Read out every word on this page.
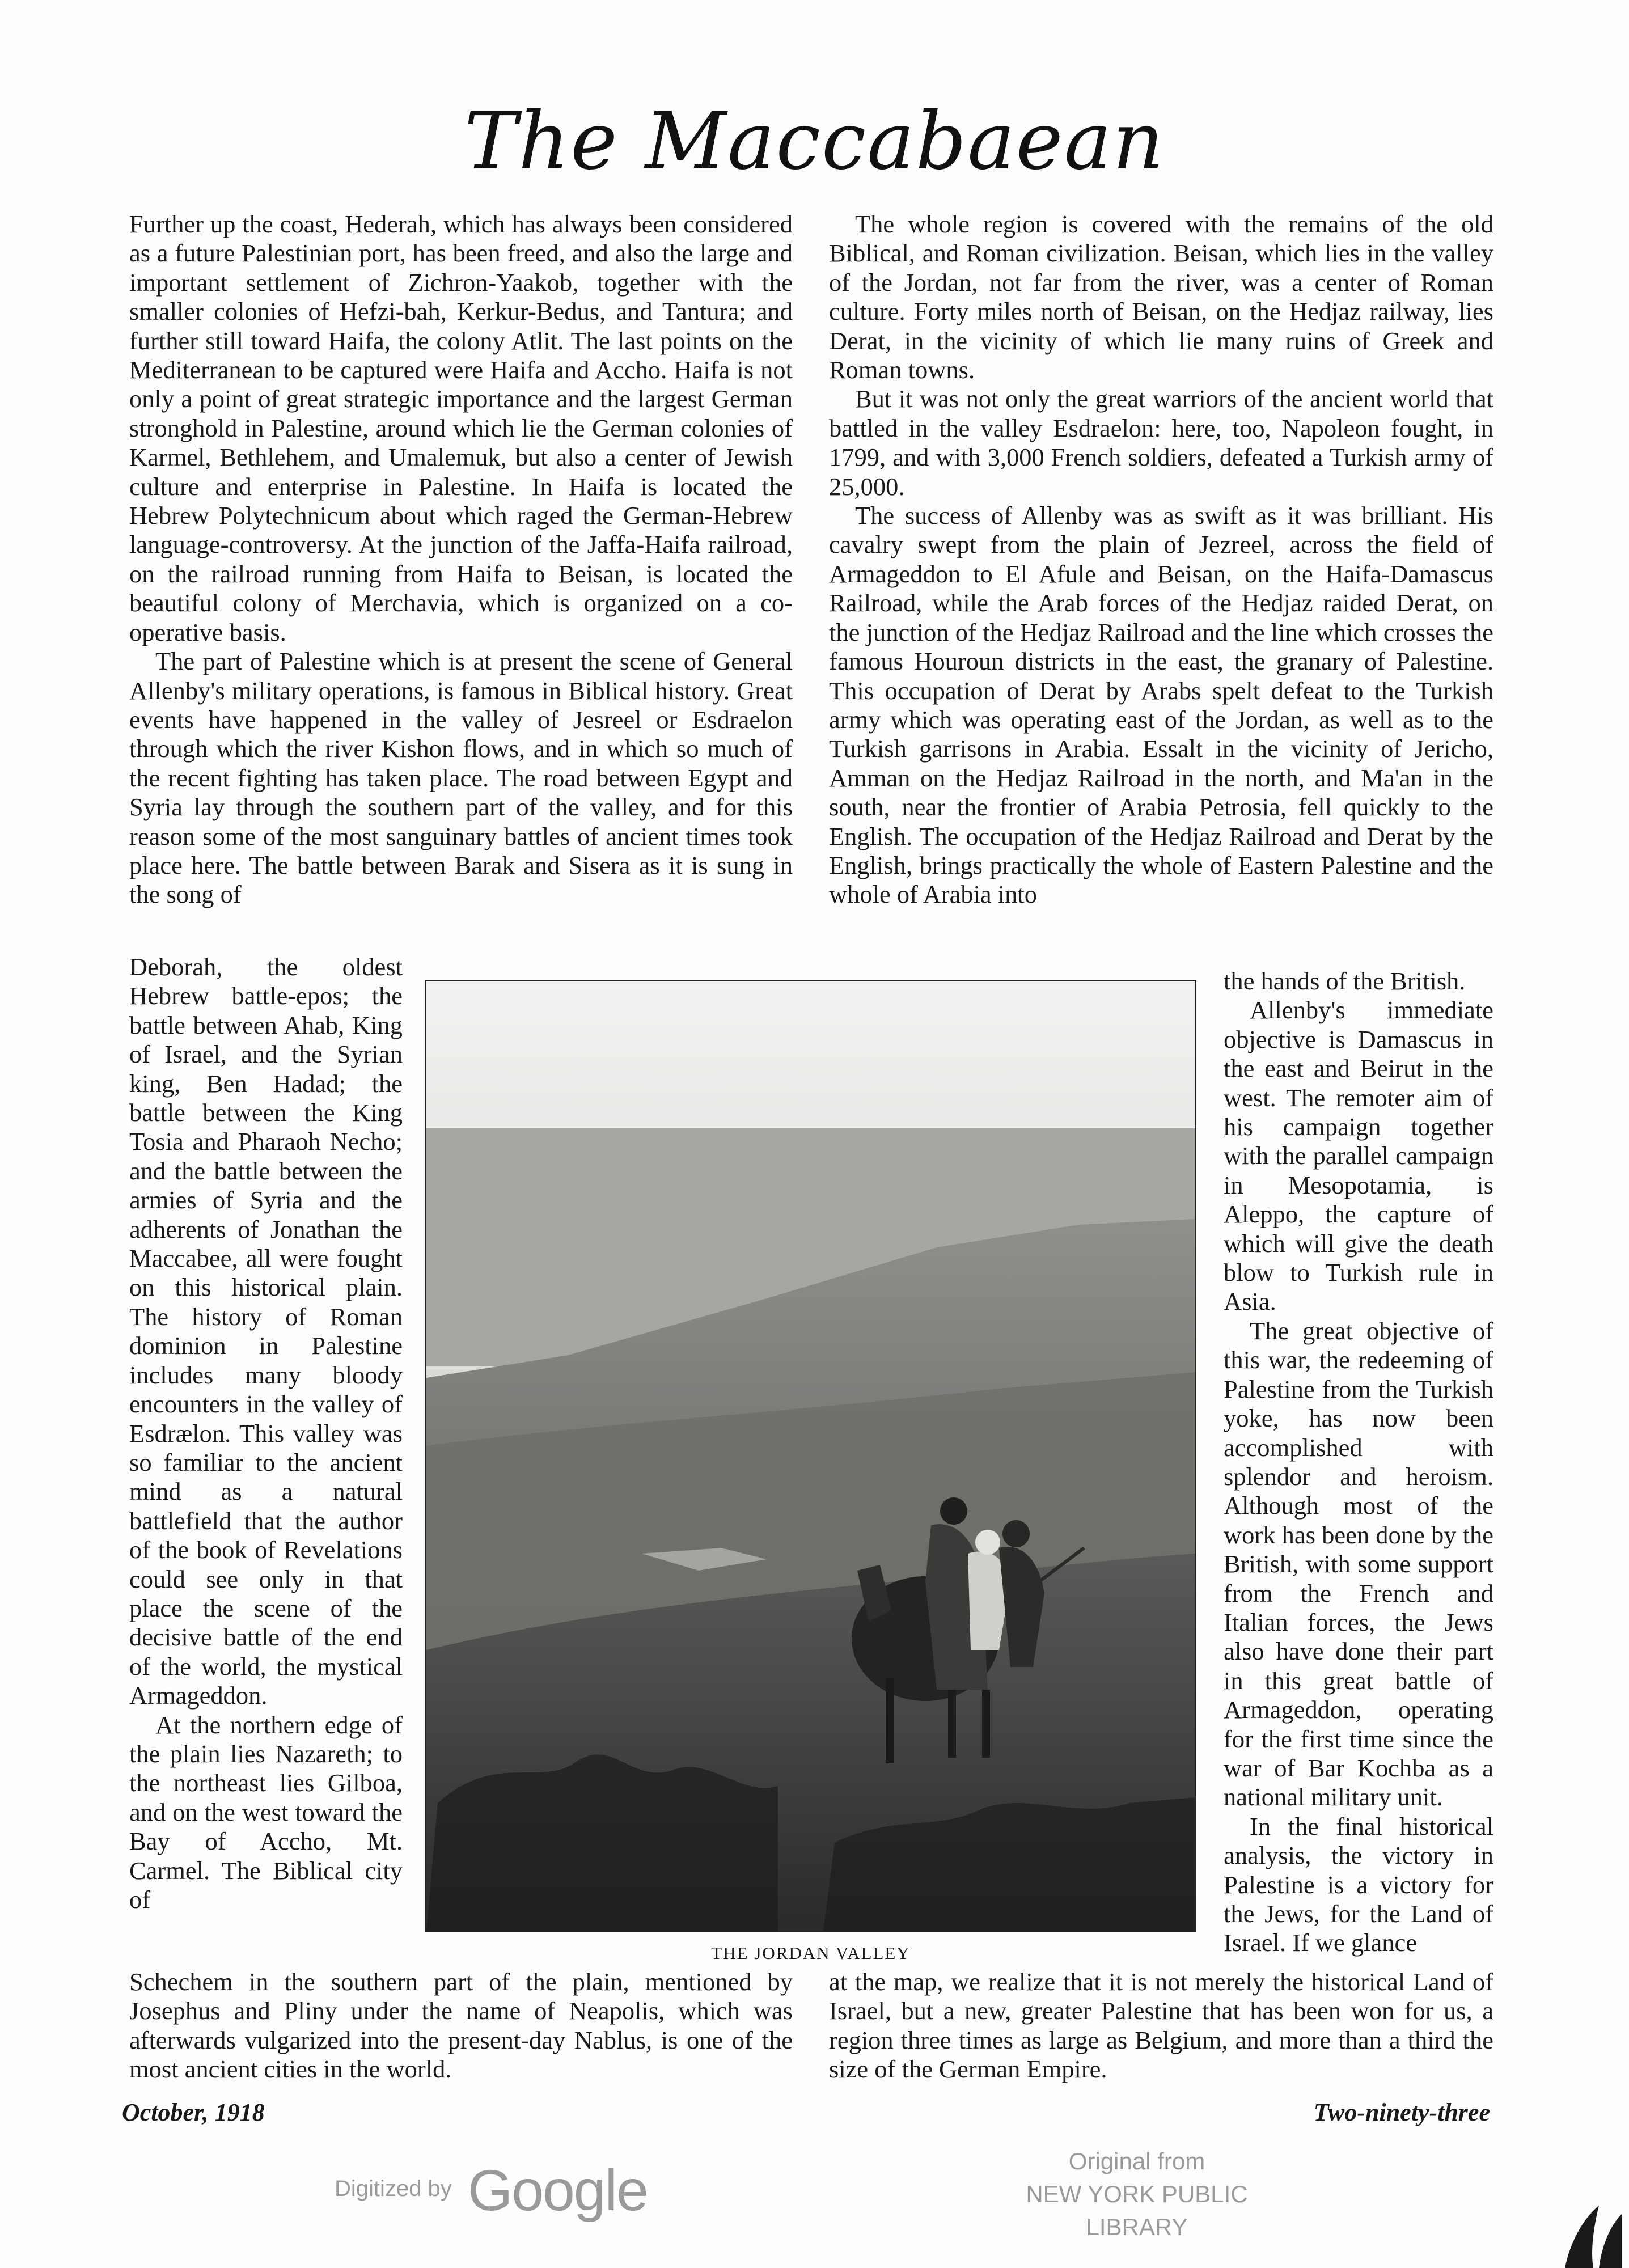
The Maccabaean

Further up the coast, Hederah, which has always been considered as a future Palestinian port, has been freed, and also the large and important settlement of Zichron-Yaakob, together with the smaller colonies of Hefzi-bah, Kerkur-Bedus, and Tantura; and further still toward Haifa, the colony Atlit. The last points on the Mediterranean to be captured were Haifa and Accho. Haifa is not only a point of great strategic importance and the largest German stronghold in Palestine, around which lie the German colonies of Karmel, Bethlehem, and Umalemuk, but also a center of Jewish culture and enterprise in Palestine. In Haifa is located the Hebrew Polytechnicum about which raged the German-Hebrew language-controversy. At the junction of the Jaffa-Haifa railroad, on the railroad running from Haifa to Beisan, is located the beautiful colony of Merchavia, which is organized on a co-operative basis.

The part of Palestine which is at present the scene of General Allenby's military operations, is famous in Biblical history. Great events have happened in the valley of Jesreel or Esdraelon through which the river Kishon flows, and in which so much of the recent fighting has taken place. The road between Egypt and Syria lay through the southern part of the valley, and for this reason some of the most sanguinary battles of ancient times took place here. The battle between Barak and Sisera as it is sung in the song of

The whole region is covered with the remains of the old Biblical, and Roman civilization. Beisan, which lies in the valley of the Jordan, not far from the river, was a center of Roman culture. Forty miles north of Beisan, on the Hedjaz railway, lies Derat, in the vicinity of which lie many ruins of Greek and Roman towns.

But it was not only the great warriors of the ancient world that battled in the valley Esdraelon: here, too, Napoleon fought, in 1799, and with 3,000 French soldiers, defeated a Turkish army of 25,000.

The success of Allenby was as swift as it was brilliant. His cavalry swept from the plain of Jezreel, across the field of Armageddon to El Afule and Beisan, on the Haifa-Damascus Railroad, while the Arab forces of the Hedjaz raided Derat, on the junction of the Hedjaz Railroad and the line which crosses the famous Houroun districts in the east, the granary of Palestine. This occupation of Derat by Arabs spelt defeat to the Turkish army which was operating east of the Jordan, as well as to the Turkish garrisons in Arabia. Essalt in the vicinity of Jericho, Amman on the Hedjaz Railroad in the north, and Ma'an in the south, near the frontier of Arabia Petrosia, fell quickly to the English. The occupation of the Hedjaz Railroad and Derat by the English, brings practically the whole of Eastern Palestine and the whole of Arabia into

Deborah, the oldest Hebrew battle-epos; the battle between Ahab, King of Israel, and the Syrian king, Ben Hadad; the battle between the King Tosia and Pharaoh Necho; and the battle between the armies of Syria and the adherents of Jonathan the Maccabee, all were fought on this historical plain. The history of Roman dominion in Palestine includes many bloody encounters in the valley of Esdrælon. This valley was so familiar to the ancient mind as a natural battlefield that the author of the book of Revelations could see only in that place the scene of the decisive battle of the end of the world, the mystical Armageddon.

At the northern edge of the plain lies Nazareth; to the northeast lies Gilboa, and on the west toward the Bay of Accho, Mt. Carmel. The Biblical city of

THE JORDAN VALLEY

the hands of the British.

Allenby's immediate objective is Damascus in the east and Beirut in the west. The remoter aim of his campaign together with the parallel campaign in Mesopotamia, is Aleppo, the capture of which will give the death blow to Turkish rule in Asia.

The great objective of this war, the redeeming of Palestine from the Turkish yoke, has now been accomplished with splendor and heroism. Although most of the work has been done by the British, with some support from the French and Italian forces, the Jews also have done their part in this great battle of Armageddon, operating for the first time since the war of Bar Kochba as a national military unit.

In the final historical analysis, the victory in Palestine is a victory for the Jews, for the Land of Israel. If we glance

Schechem in the southern part of the plain, mentioned by Josephus and Pliny under the name of Neapolis, which was afterwards vulgarized into the present-day Nablus, is one of the most ancient cities in the world.

at the map, we realize that it is not merely the historical Land of Israel, but a new, greater Palestine that has been won for us, a region three times as large as Belgium, and more than a third the size of the German Empire.

October, 1918	Two-ninety-three
Digitized by Google	Original from
NEW YORK PUBLIC LIBRARY
